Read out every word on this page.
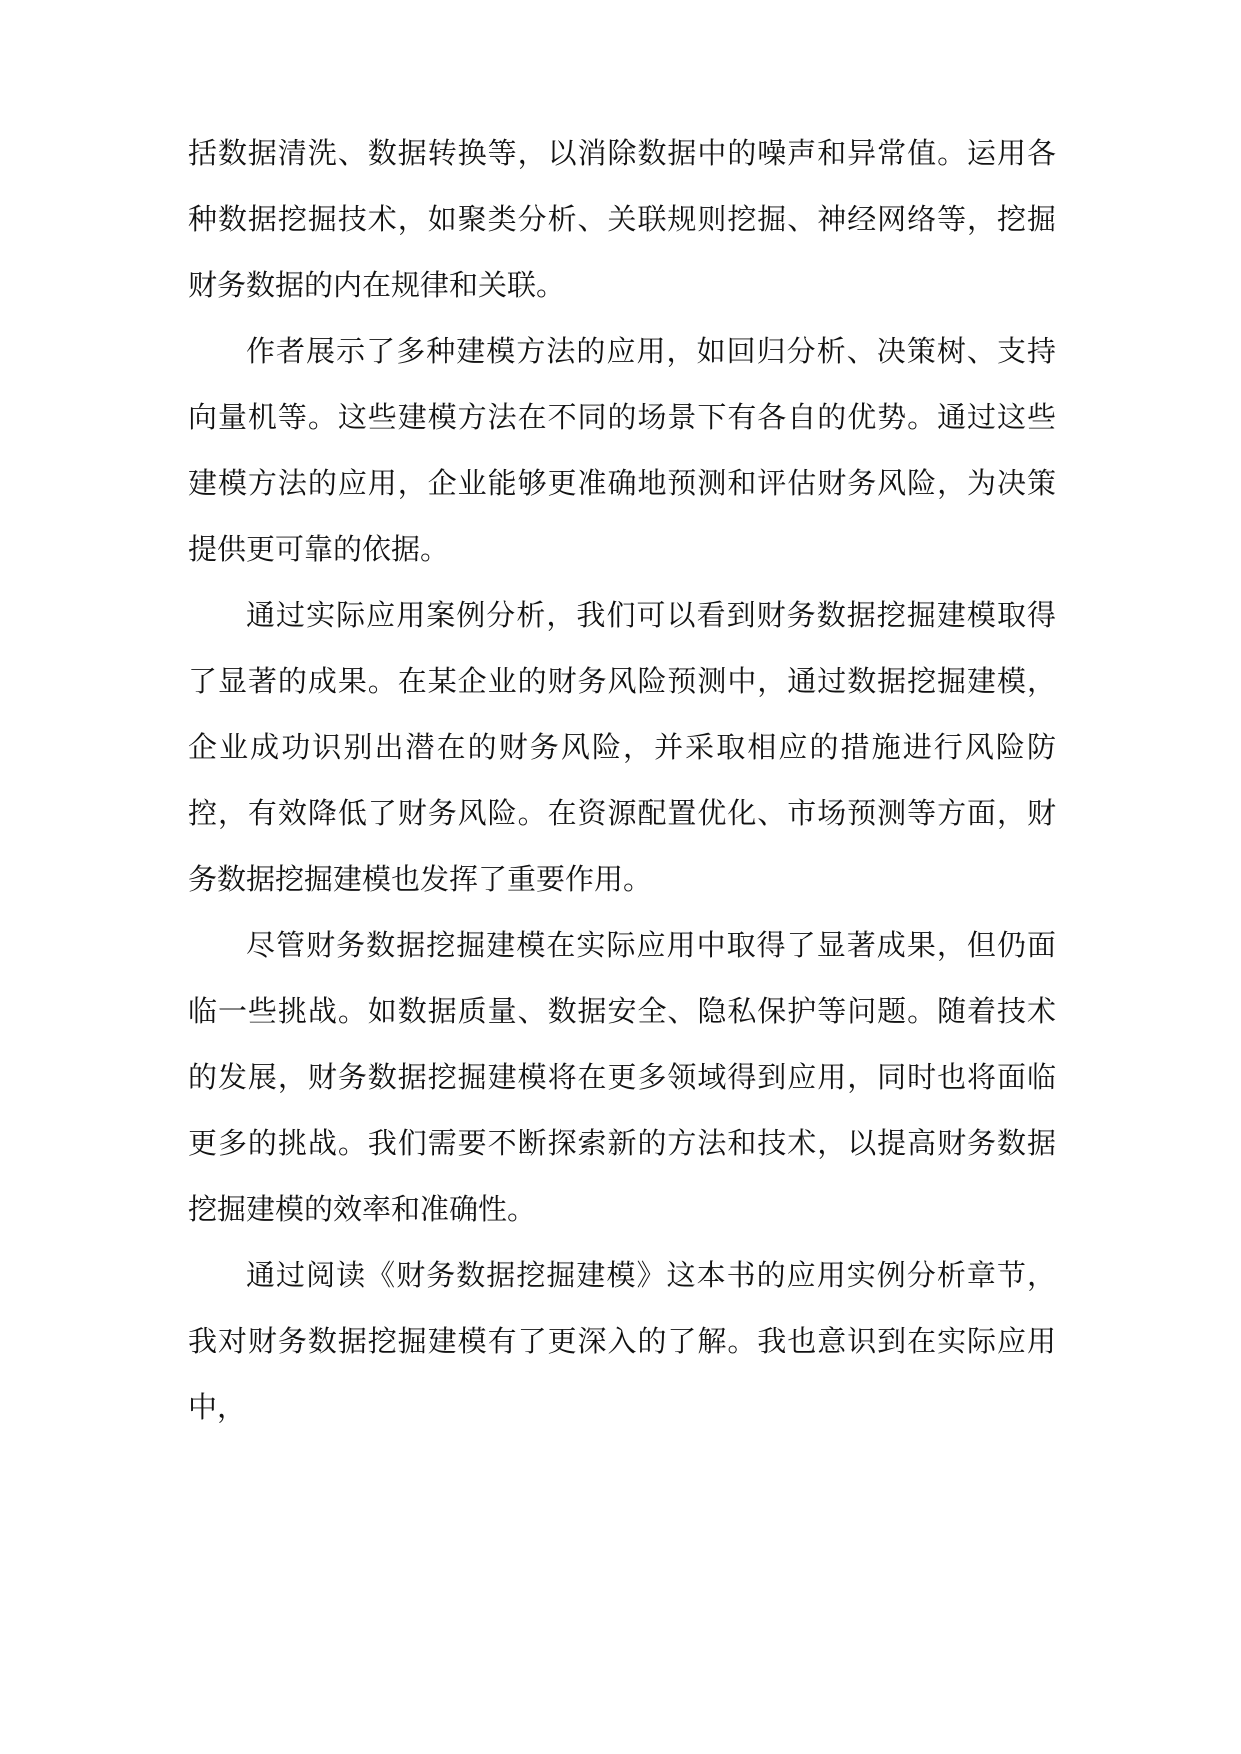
括数据清洗、数据转换等，以消除数据中的噪声和异常值。运用各种数据挖掘技术，如聚类分析、关联规则挖掘、神经网络等，挖掘财务数据的内在规律和关联。

作者展示了多种建模方法的应用，如回归分析、决策树、支持向量机等。这些建模方法在不同的场景下有各自的优势。通过这些建模方法的应用，企业能够更准确地预测和评估财务风险，为决策提供更可靠的依据。

通过实际应用案例分析，我们可以看到财务数据挖掘建模取得了显著的成果。在某企业的财务风险预测中，通过数据挖掘建模，企业成功识别出潜在的财务风险，并采取相应的措施进行风险防控，有效降低了财务风险。在资源配置优化、市场预测等方面，财务数据挖掘建模也发挥了重要作用。

尽管财务数据挖掘建模在实际应用中取得了显著成果，但仍面临一些挑战。如数据质量、数据安全、隐私保护等问题。随着技术的发展，财务数据挖掘建模将在更多领域得到应用，同时也将面临更多的挑战。我们需要不断探索新的方法和技术，以提高财务数据挖掘建模的效率和准确性。

通过阅读《财务数据挖掘建模》这本书的应用实例分析章节，我对财务数据挖掘建模有了更深入的了解。我也意识到在实际应用中，
